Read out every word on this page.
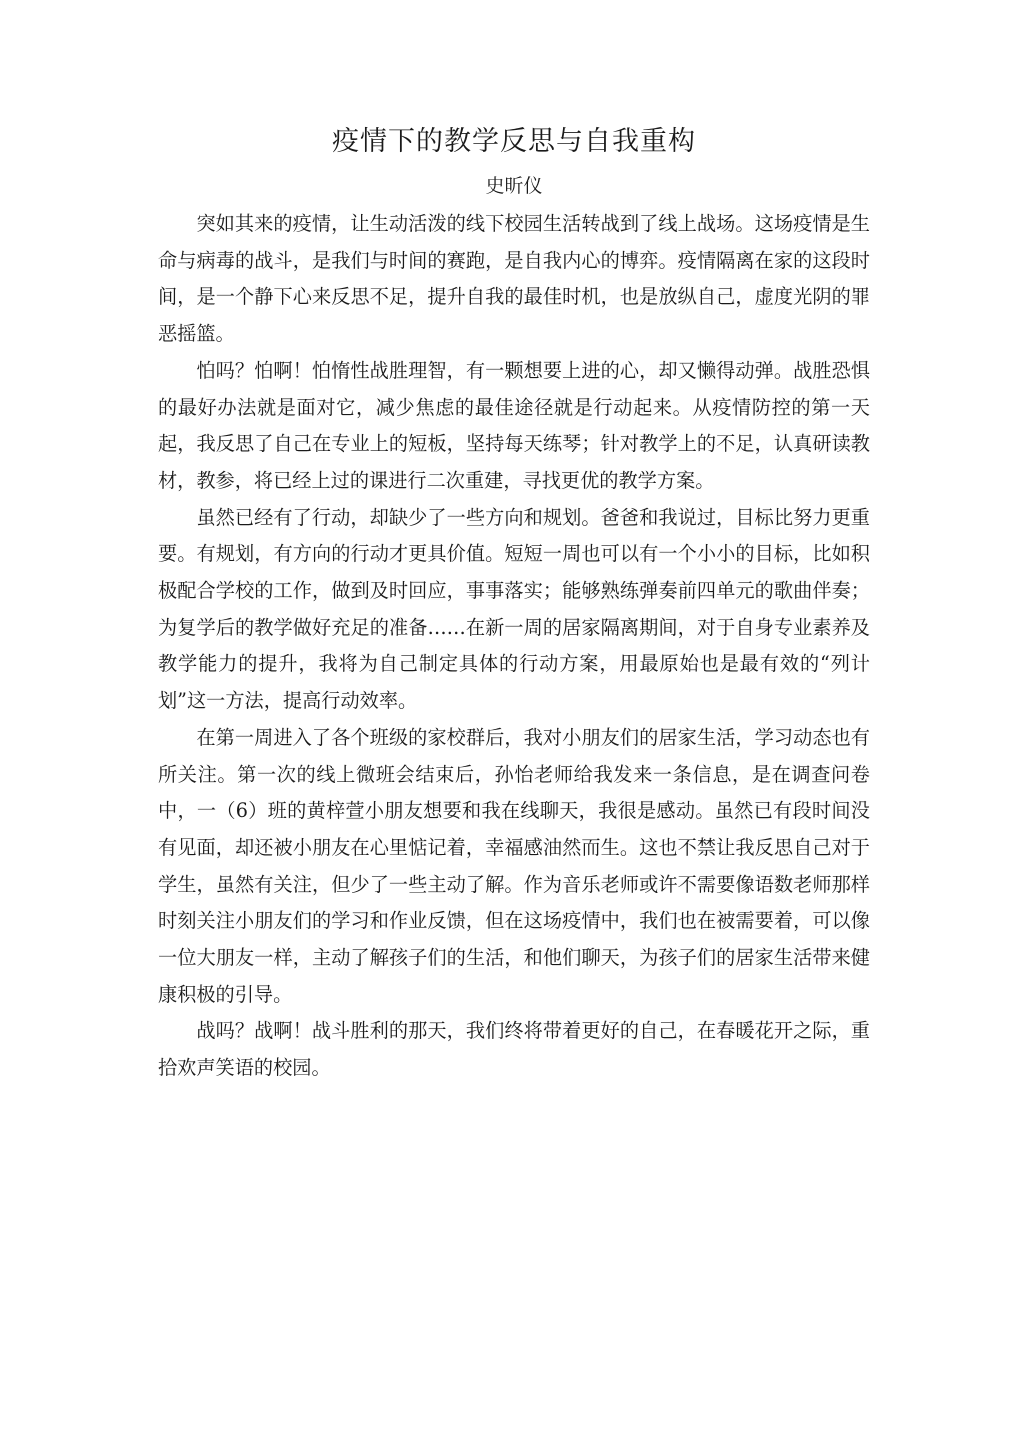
疫情下的教学反思与自我重构

史昕仪

突如其来的疫情，让生动活泼的线下校园生活转战到了线上战场。这场疫情是生命与病毒的战斗，是我们与时间的赛跑，是自我内心的博弈。疫情隔离在家的这段时间，是一个静下心来反思不足，提升自我的最佳时机，也是放纵自己，虚度光阴的罪恶摇篮。

怕吗？怕啊！怕惰性战胜理智，有一颗想要上进的心，却又懒得动弹。战胜恐惧的最好办法就是面对它，减少焦虑的最佳途径就是行动起来。从疫情防控的第一天起，我反思了自己在专业上的短板，坚持每天练琴；针对教学上的不足，认真研读教材，教参，将已经上过的课进行二次重建，寻找更优的教学方案。

虽然已经有了行动，却缺少了一些方向和规划。爸爸和我说过，目标比努力更重要。有规划，有方向的行动才更具价值。短短一周也可以有一个小小的目标，比如积极配合学校的工作，做到及时回应，事事落实；能够熟练弹奏前四单元的歌曲伴奏；为复学后的教学做好充足的准备……在新一周的居家隔离期间，对于自身专业素养及教学能力的提升，我将为自己制定具体的行动方案，用最原始也是最有效的“列计划”这一方法，提高行动效率。

在第一周进入了各个班级的家校群后，我对小朋友们的居家生活，学习动态也有所关注。第一次的线上微班会结束后，孙怡老师给我发来一条信息，是在调查问卷中，一（6）班的黄梓萱小朋友想要和我在线聊天，我很是感动。虽然已有段时间没有见面，却还被小朋友在心里惦记着，幸福感油然而生。这也不禁让我反思自己对于学生，虽然有关注，但少了一些主动了解。作为音乐老师或许不需要像语数老师那样时刻关注小朋友们的学习和作业反馈，但在这场疫情中，我们也在被需要着，可以像一位大朋友一样，主动了解孩子们的生活，和他们聊天，为孩子们的居家生活带来健康积极的引导。

战吗？战啊！战斗胜利的那天，我们终将带着更好的自己，在春暖花开之际，重拾欢声笑语的校园。
